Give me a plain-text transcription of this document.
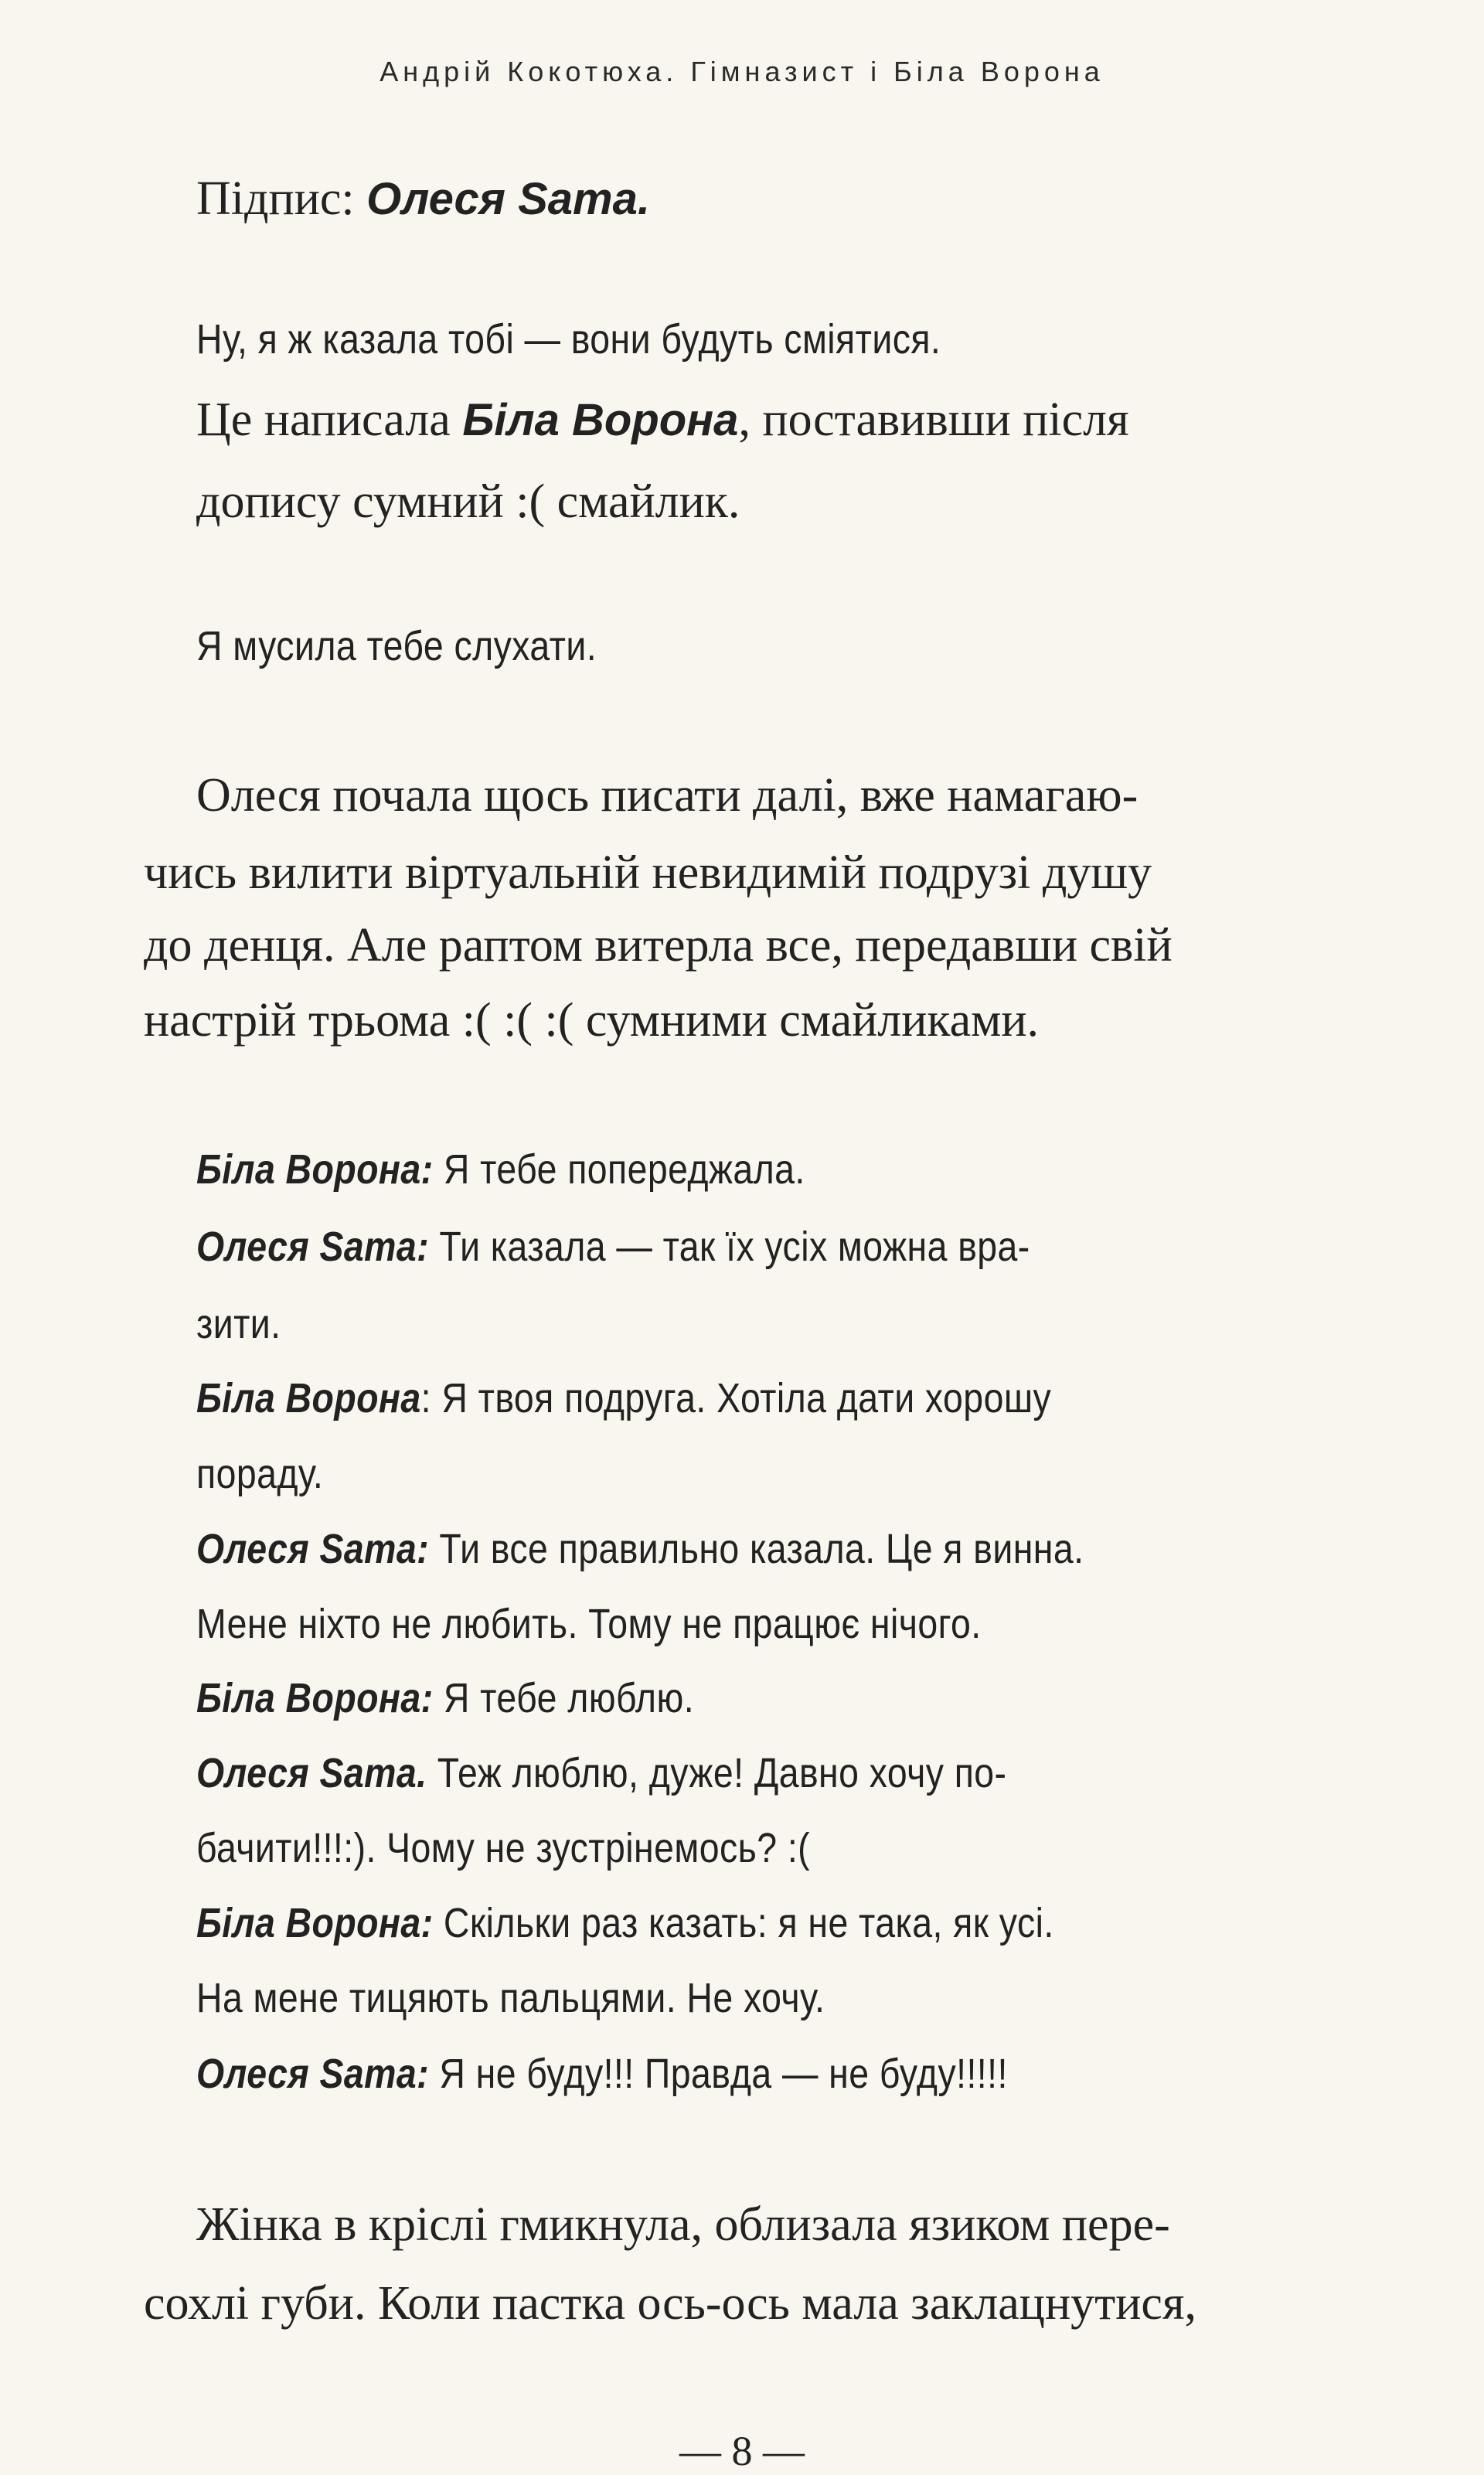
Андрій Кокотюха. Гімназист і Біла Ворона
Підпис: Олеся Sama.
Ну, я ж казала тобі — вони будуть сміятися.
Це написала Біла Ворона, поставивши після
допису сумний :( смайлик.
Я мусила тебе слухати.
Олеся почала щось писати далі, вже намагаю-
чись вилити віртуальній невидимій подрузі душу
до денця. Але раптом витерла все, передавши свій
настрій трьома :( :( :( сумними смайликами.
Біла Ворона: Я тебе попереджала.
Олеся Sama: Ти казала — так їх усіх можна вра-
зити.
Біла Ворона: Я твоя подруга. Хотіла дати хорошу
пораду.
Олеся Sama: Ти все правильно казала. Це я винна.
Мене ніхто не любить. Тому не працює нічого.
Біла Ворона: Я тебе люблю.
Олеся Sama. Теж люблю, дуже! Давно хочу по-
бачити!!!:). Чому не зустрінемось? :(
Біла Ворона: Скільки раз казать: я не така, як усі.
На мене тицяють пальцями. Не хочу.
Олеся Sama: Я не буду!!! Правда — не буду!!!!!
Жінка в кріслі гмикнула, облизала язиком пере-
сохлі губи. Коли пастка ось-ось мала заклацнутися,
— 8 —
